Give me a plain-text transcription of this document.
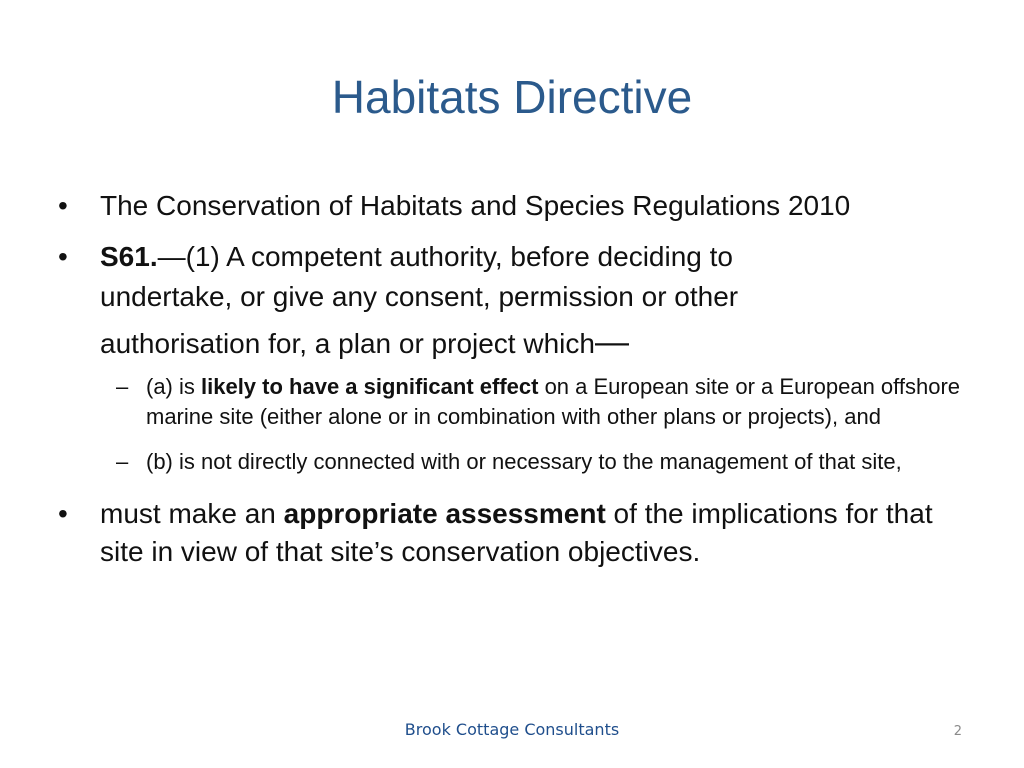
Habitats Directive
•	The Conservation of Habitats and Species Regulations 2010
•	S61.—(1) A competent authority, before deciding to
undertake, or give any consent, permission or other
authorisation for, a plan or project which—
– (a) is likely to have a significant effect on a European site or a European offshore marine site (either alone or in combination with other plans or projects), and
– (b) is not directly connected with or necessary to the management of that site,
•	must make an appropriate assessment of the implications for that site in view of that site’s conservation objectives.
Brook Cottage Consultants	2
